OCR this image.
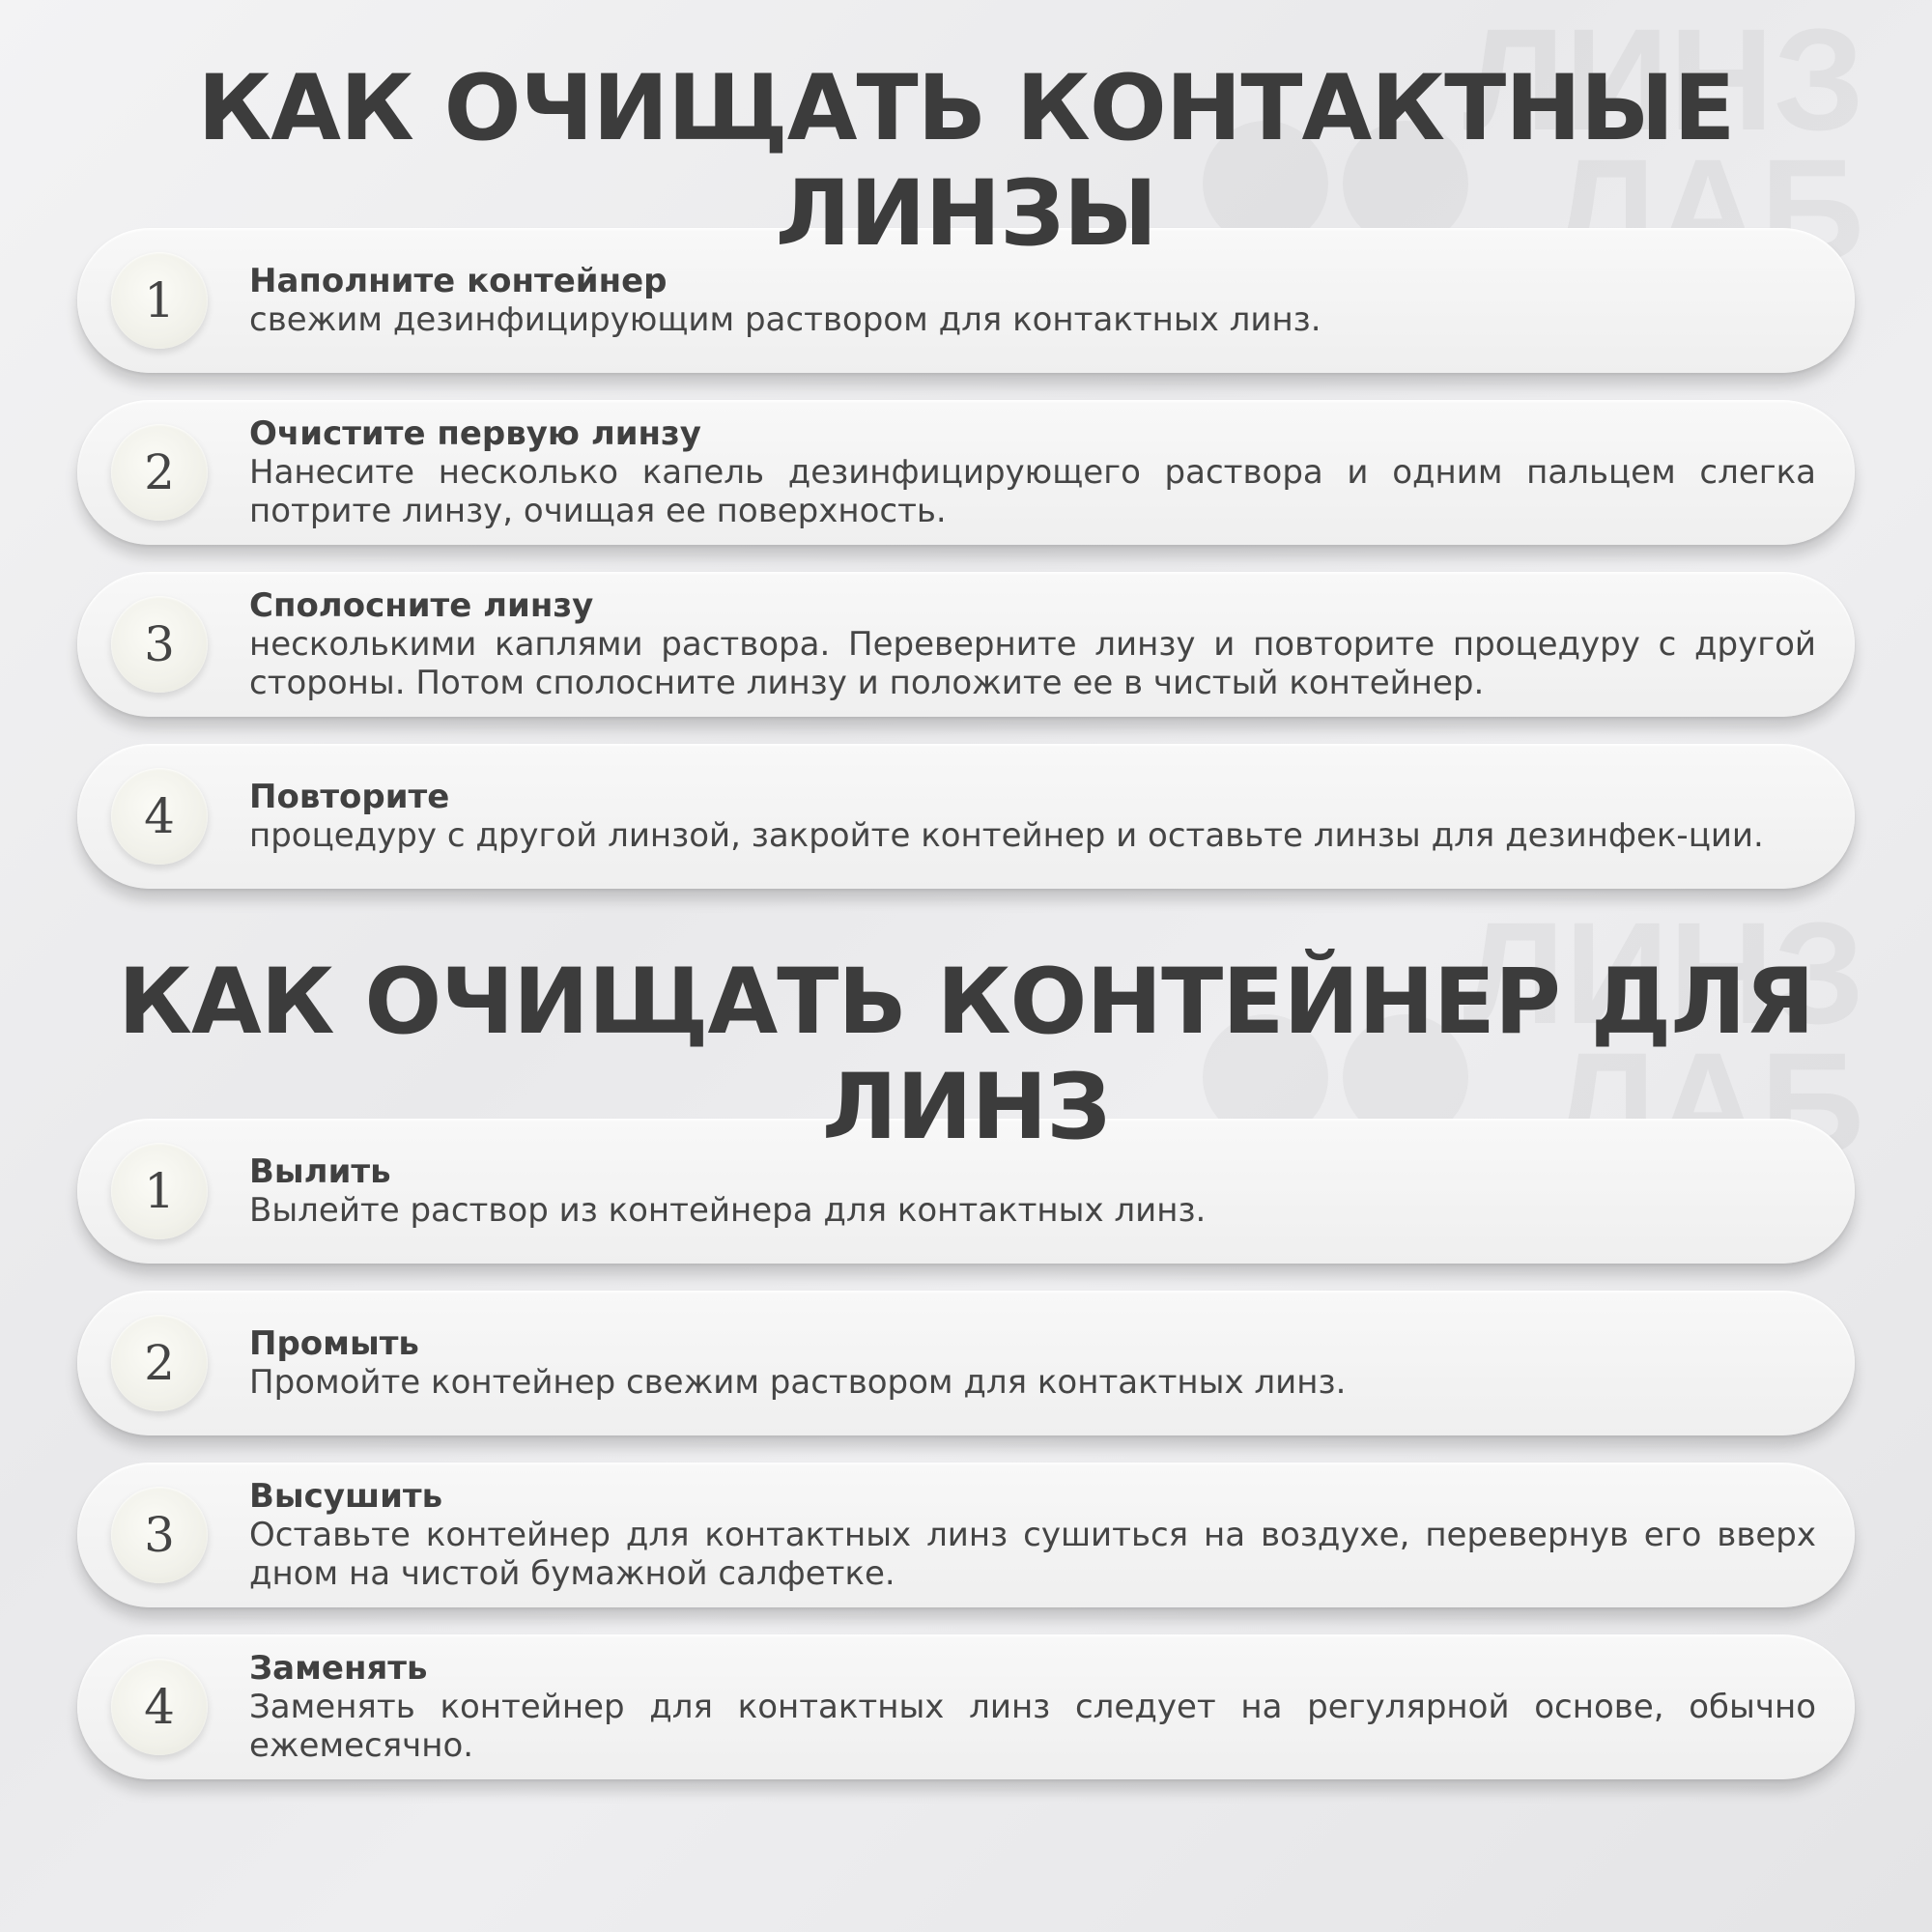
КАК ОЧИЩАТЬ КОНТАКТНЫЕ ЛИНЗЫ
1	Наполните контейнер
свежим дезинфицирующим раствором для контактных линз.
2
Очистите первую линзу
Нанесите несколько капель дезинфицирующего раствора и одним пальцем слегка потрите линзу, очищая ее поверхность.
3
Сполосните линзу
несколькими каплями раствора. Переверните линзу и повторите процедуру с другой стороны. Потом сполосните линзу и положите ее в чистый контейнер.
4	Повторите
процедуру с другой линзой, закройте контейнер и оставьте линзы для дезинфек-ции.
КАК ОЧИЩАТЬ КОНТЕЙНЕР ДЛЯ ЛИНЗ
1	Вылить
Вылейте раствор из контейнера для контактных линз.
2	Промыть
Промойте контейнер свежим раствором для контактных линз.
3
Высушить
Оставьте контейнер для контактных линз сушиться на воздухе, перевернув его вверх дном на чистой бумажной салфетке.
4
Заменять
Заменять контейнер для контактных линз следует на регулярной основе, обычно ежемесячно.
